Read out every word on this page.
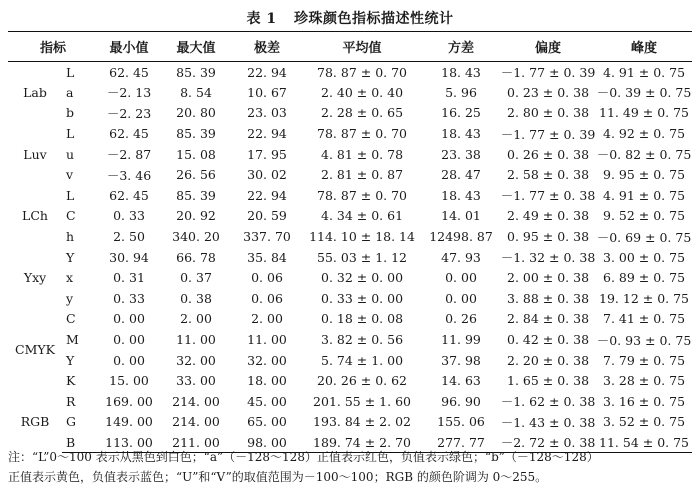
表 1 珍珠颜色指标描述性统计
指标		最小值	最大值	极差	平均值	方差	偏度	峰度
Lab	L	62. 45	85. 39	22. 94	78. 87 ± 0. 70	18. 43	－1. 77 ± 0. 39	4. 91 ± 0. 75
	a	－2. 13	8. 54	10. 67	2. 40 ± 0. 40	5. 96	0. 23 ± 0. 38	－0. 39 ± 0. 75
	b	－2. 23	20. 80	23. 03	2. 28 ± 0. 65	16. 25	2. 80 ± 0. 38	11. 49 ± 0. 75
Luv	L	62. 45	85. 39	22. 94	78. 87 ± 0. 70	18. 43	－1. 77 ± 0. 39	4. 92 ± 0. 75
	u	－2. 87	15. 08	17. 95	4. 81 ± 0. 78	23. 38	0. 26 ± 0. 38	－0. 82 ± 0. 75
	v	－3. 46	26. 56	30. 02	2. 81 ± 0. 87	28. 47	2. 58 ± 0. 38	9. 95 ± 0. 75
LCh	L	62. 45	85. 39	22. 94	78. 87 ± 0. 70	18. 43	－1. 77 ± 0. 38	4. 91 ± 0. 75
	C	0. 33	20. 92	20. 59	4. 34 ± 0. 61	14. 01	2. 49 ± 0. 38	9. 52 ± 0. 75
	h	2. 50	340. 20	337. 70	114. 10 ± 18. 14	12498. 87	0. 95 ± 0. 38	－0. 69 ± 0. 75
Yxy	Y	30. 94	66. 78	35. 84	55. 03 ± 1. 12	47. 93	－1. 32 ± 0. 38	3. 00 ± 0. 75
	x	0. 31	0. 37	0. 06	0. 32 ± 0. 00	0. 00	2. 00 ± 0. 38	6. 89 ± 0. 75
	y	0. 33	0. 38	0. 06	0. 33 ± 0. 00	0. 00	3. 88 ± 0. 38	19. 12 ± 0. 75
CMYK	C	0. 00	2. 00	2. 00	0. 18 ± 0. 08	0. 26	2. 84 ± 0. 38	7. 41 ± 0. 75
	M	0. 00	11. 00	11. 00	3. 82 ± 0. 56	11. 99	0. 42 ± 0. 38	－0. 93 ± 0. 75
	Y	0. 00	32. 00	32. 00	5. 74 ± 1. 00	37. 98	2. 20 ± 0. 38	7. 79 ± 0. 75
	K	15. 00	33. 00	18. 00	20. 26 ± 0. 62	14. 63	1. 65 ± 0. 38	3. 28 ± 0. 75
RGB	R	169. 00	214. 00	45. 00	201. 55 ± 1. 60	96. 90	－1. 62 ± 0. 38	3. 16 ± 0. 75
	G	149. 00	214. 00	65. 00	193. 84 ± 2. 02	155. 06	－1. 43 ± 0. 38	3. 52 ± 0. 75
	B	113. 00	211. 00	98. 00	189. 74 ± 2. 70	277. 77	－2. 72 ± 0. 38	11. 54 ± 0. 75
注：“L”0～100 表示从黑色到白色；“a”（－128～128）正值表示红色，负值表示绿色；“b”（－128～128）
正值表示黄色，负值表示蓝色；“U”和“V”的取值范围为－100～100；RGB 的颜色阶调为 0～255。
